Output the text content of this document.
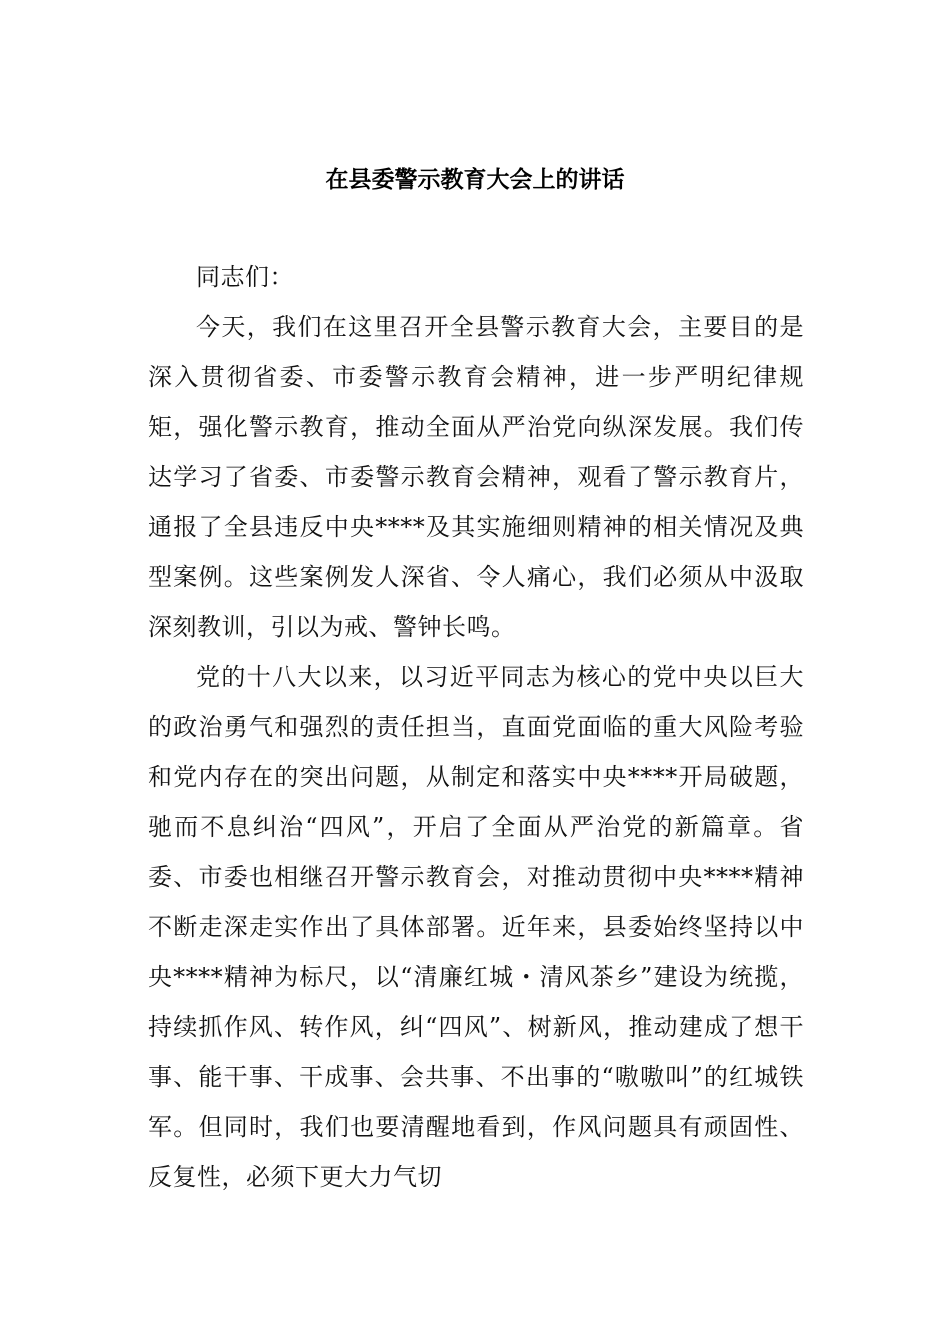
在县委警示教育大会上的讲话

同志们：

今天，我们在这里召开全县警示教育大会，主要目的是深入贯彻省委、市委警示教育会精神，进一步严明纪律规矩，强化警示教育，推动全面从严治党向纵深发展。我们传达学习了省委、市委警示教育会精神，观看了警示教育片，通报了全县违反中央****及其实施细则精神的相关情况及典型案例。这些案例发人深省、令人痛心，我们必须从中汲取深刻教训，引以为戒、警钟长鸣。

党的十八大以来，以习近平同志为核心的党中央以巨大的政治勇气和强烈的责任担当，直面党面临的重大风险考验和党内存在的突出问题，从制定和落实中央****开局破题，驰而不息纠治“四风”，开启了全面从严治党的新篇章。省委、市委也相继召开警示教育会，对推动贯彻中央****精神不断走深走实作出了具体部署。近年来，县委始终坚持以中央****精神为标尺，以“清廉红城・清风茶乡”建设为统揽，持续抓作风、转作风，纠“四风”、树新风，推动建成了想干事、能干事、干成事、会共事、不出事的“嗷嗷叫”的红城铁军。但同时，我们也要清醒地看到，作风问题具有顽固性、反复性，必须下更大力气切
